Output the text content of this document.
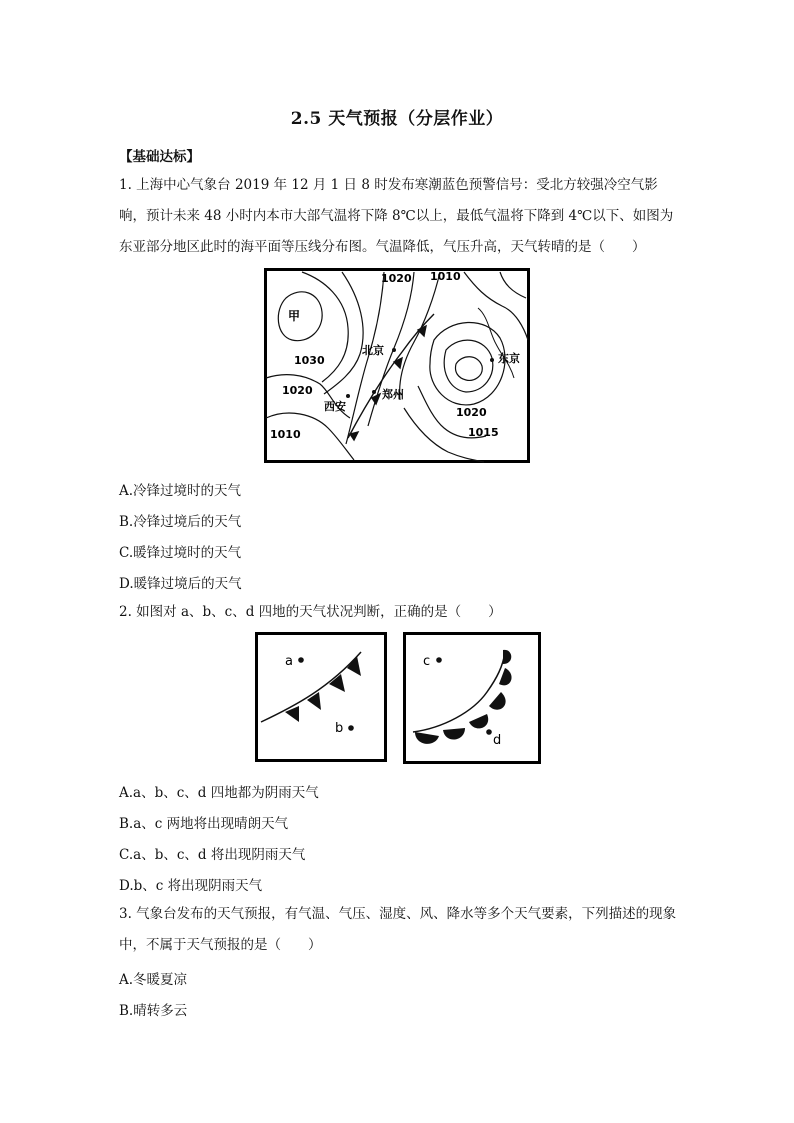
2.5 天气预报（分层作业）
【基础达标】
1. 上海中心气象台 2019 年 12 月 1 日 8 时发布寒潮蓝色预警信号：受北方较强冷空气影响，预计未来 48 小时内本市大部气温将下降 8℃以上，最低气温将下降到 4℃以下、如图为东亚部分地区此时的海平面等压线分布图。气温降低，气压升高，天气转晴的是（　　）
甲
北京
郑州
西安
东京
1020 1010
1030
1020
1010
1020
1015
A.冷锋过境时的天气
B.冷锋过境后的天气
C.暖锋过境时的天气
D.暖锋过境后的天气
2. 如图对 a、b、c、d 四地的天气状况判断，正确的是（　　）
a
b
c
d
A.a、b、c、d 四地都为阴雨天气
B.a、c 两地将出现晴朗天气
C.a、b、c、d 将出现阴雨天气
D.b、c 将出现阴雨天气
3. 气象台发布的天气预报，有气温、气压、湿度、风、降水等多个天气要素，下列描述的现象中，不属于天气预报的是（　　）
A.冬暖夏凉
B.晴转多云
